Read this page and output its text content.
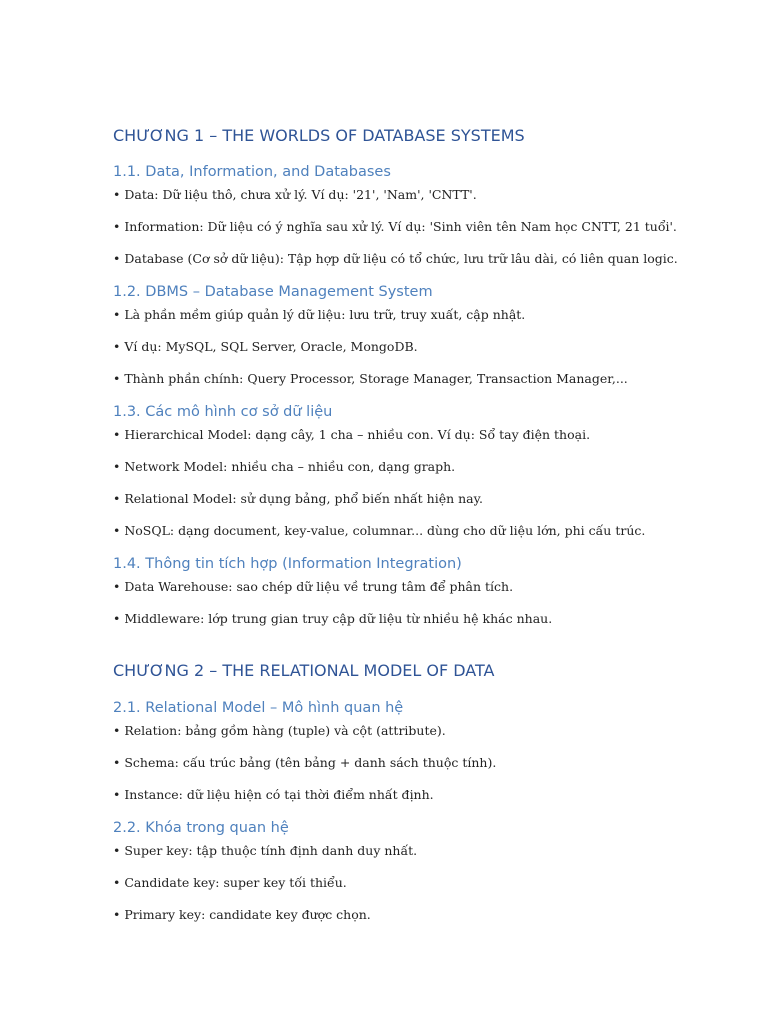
CHƯƠNG 1 – THE WORLDS OF DATABASE SYSTEMS
1.1. Data, Information, and Databases
• Data: Dữ liệu thô, chưa xử lý. Ví dụ: '21', 'Nam', 'CNTT'.
• Information: Dữ liệu có ý nghĩa sau xử lý. Ví dụ: 'Sinh viên tên Nam học CNTT, 21 tuổi'.
• Database (Cơ sở dữ liệu): Tập hợp dữ liệu có tổ chức, lưu trữ lâu dài, có liên quan logic.
1.2. DBMS – Database Management System
• Là phần mềm giúp quản lý dữ liệu: lưu trữ, truy xuất, cập nhật.
• Ví dụ: MySQL, SQL Server, Oracle, MongoDB.
• Thành phần chính: Query Processor, Storage Manager, Transaction Manager,...
1.3. Các mô hình cơ sở dữ liệu
• Hierarchical Model: dạng cây, 1 cha – nhiều con. Ví dụ: Sổ tay điện thoại.
• Network Model: nhiều cha – nhiều con, dạng graph.
• Relational Model: sử dụng bảng, phổ biến nhất hiện nay.
• NoSQL: dạng document, key-value, columnar... dùng cho dữ liệu lớn, phi cấu trúc.
1.4. Thông tin tích hợp (Information Integration)
• Data Warehouse: sao chép dữ liệu về trung tâm để phân tích.
• Middleware: lớp trung gian truy cập dữ liệu từ nhiều hệ khác nhau.
CHƯƠNG 2 – THE RELATIONAL MODEL OF DATA
2.1. Relational Model – Mô hình quan hệ
• Relation: bảng gồm hàng (tuple) và cột (attribute).
• Schema: cấu trúc bảng (tên bảng + danh sách thuộc tính).
• Instance: dữ liệu hiện có tại thời điểm nhất định.
2.2. Khóa trong quan hệ
• Super key: tập thuộc tính định danh duy nhất.
• Candidate key: super key tối thiểu.
• Primary key: candidate key được chọn.
